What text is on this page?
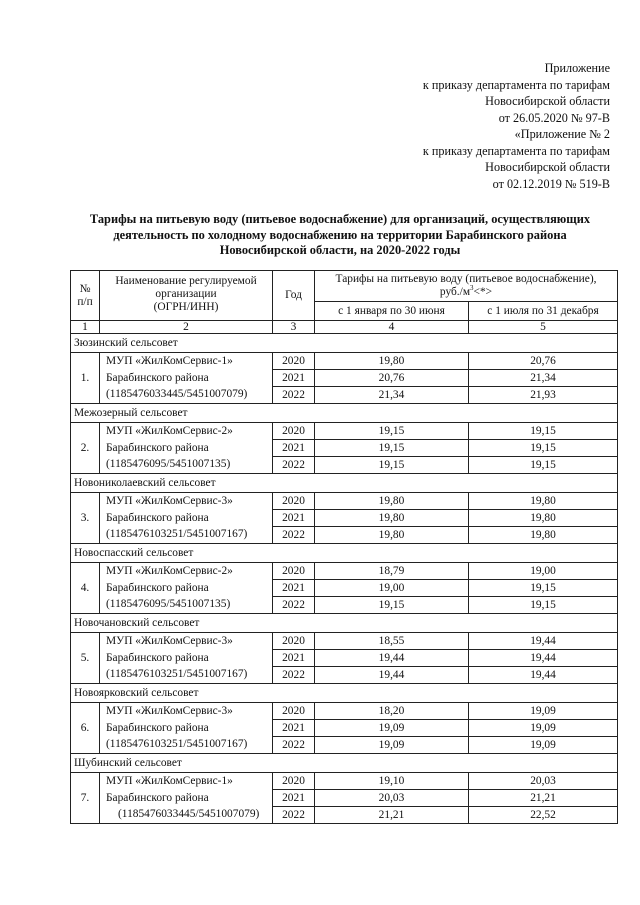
Приложение
к приказу департамента по тарифам
Новосибирской области
от 26.05.2020 № 97-В
«Приложение № 2
к приказу департамента по тарифам
Новосибирской области
от 02.12.2019 № 519-В
Тарифы на питьевую воду (питьевое водоснабжение) для организаций, осуществляющих
деятельность по холодному водоснабжению на территории Барабинского района
Новосибирской области, на 2020-2022 годы
№
п/п

Наименование регулируемой
организации
(ОГРН/ИНН)
	Год	
Тарифы на питьевую воду (питьевое водоснабжение),
$руб./м^3<*>$

			с 1 января по 30 июня	с 1 июля по 31 декабря
1	2	3	4	5
Зюзинский сельсовет				
1.	МУП «ЖилКомСервис-1»
Барабинского района
(1185476033445/5451007079)	2020	19,80	20,76
		2021	20,76	21,34
		2022	21,34	21,93
Межозерный сельсовет				
2.	МУП «ЖилКомСервис-2»
Барабинского района
(1185476095/5451007135)	2020	19,15	19,15
		2021	19,15	19,15
		2022	19,15	19,15
Новониколаевский сельсовет				
3.	МУП «ЖилКомСервис-3»
Барабинского района
(1185476103251/5451007167)	2020	19,80	19,80
		2021	19,80	19,80
		2022	19,80	19,80
Новоспасский сельсовет				
4.	МУП «ЖилКомСервис-2»
Барабинского района
(1185476095/5451007135)	2020	18,79	19,00
		2021	19,00	19,15
		2022	19,15	19,15
Новочановский сельсовет				
5.	МУП «ЖилКомСервис-3»
Барабинского района
(1185476103251/5451007167)	2020	18,55	19,44
		2021	19,44	19,44
		2022	19,44	19,44
Новоярковский сельсовет				
6.	МУП «ЖилКомСервис-3»
Барабинского района
(1185476103251/5451007167)	2020	18,20	19,09
		2021	19,09	19,09
		2022	19,09	19,09
Шубинский сельсовет				
7.	МУП «ЖилКомСервис-1»
Барабинского района
(1185476033445/5451007079)	2020	19,10	20,03
		2021	20,03	21,21
		2022	21,21	22,52
